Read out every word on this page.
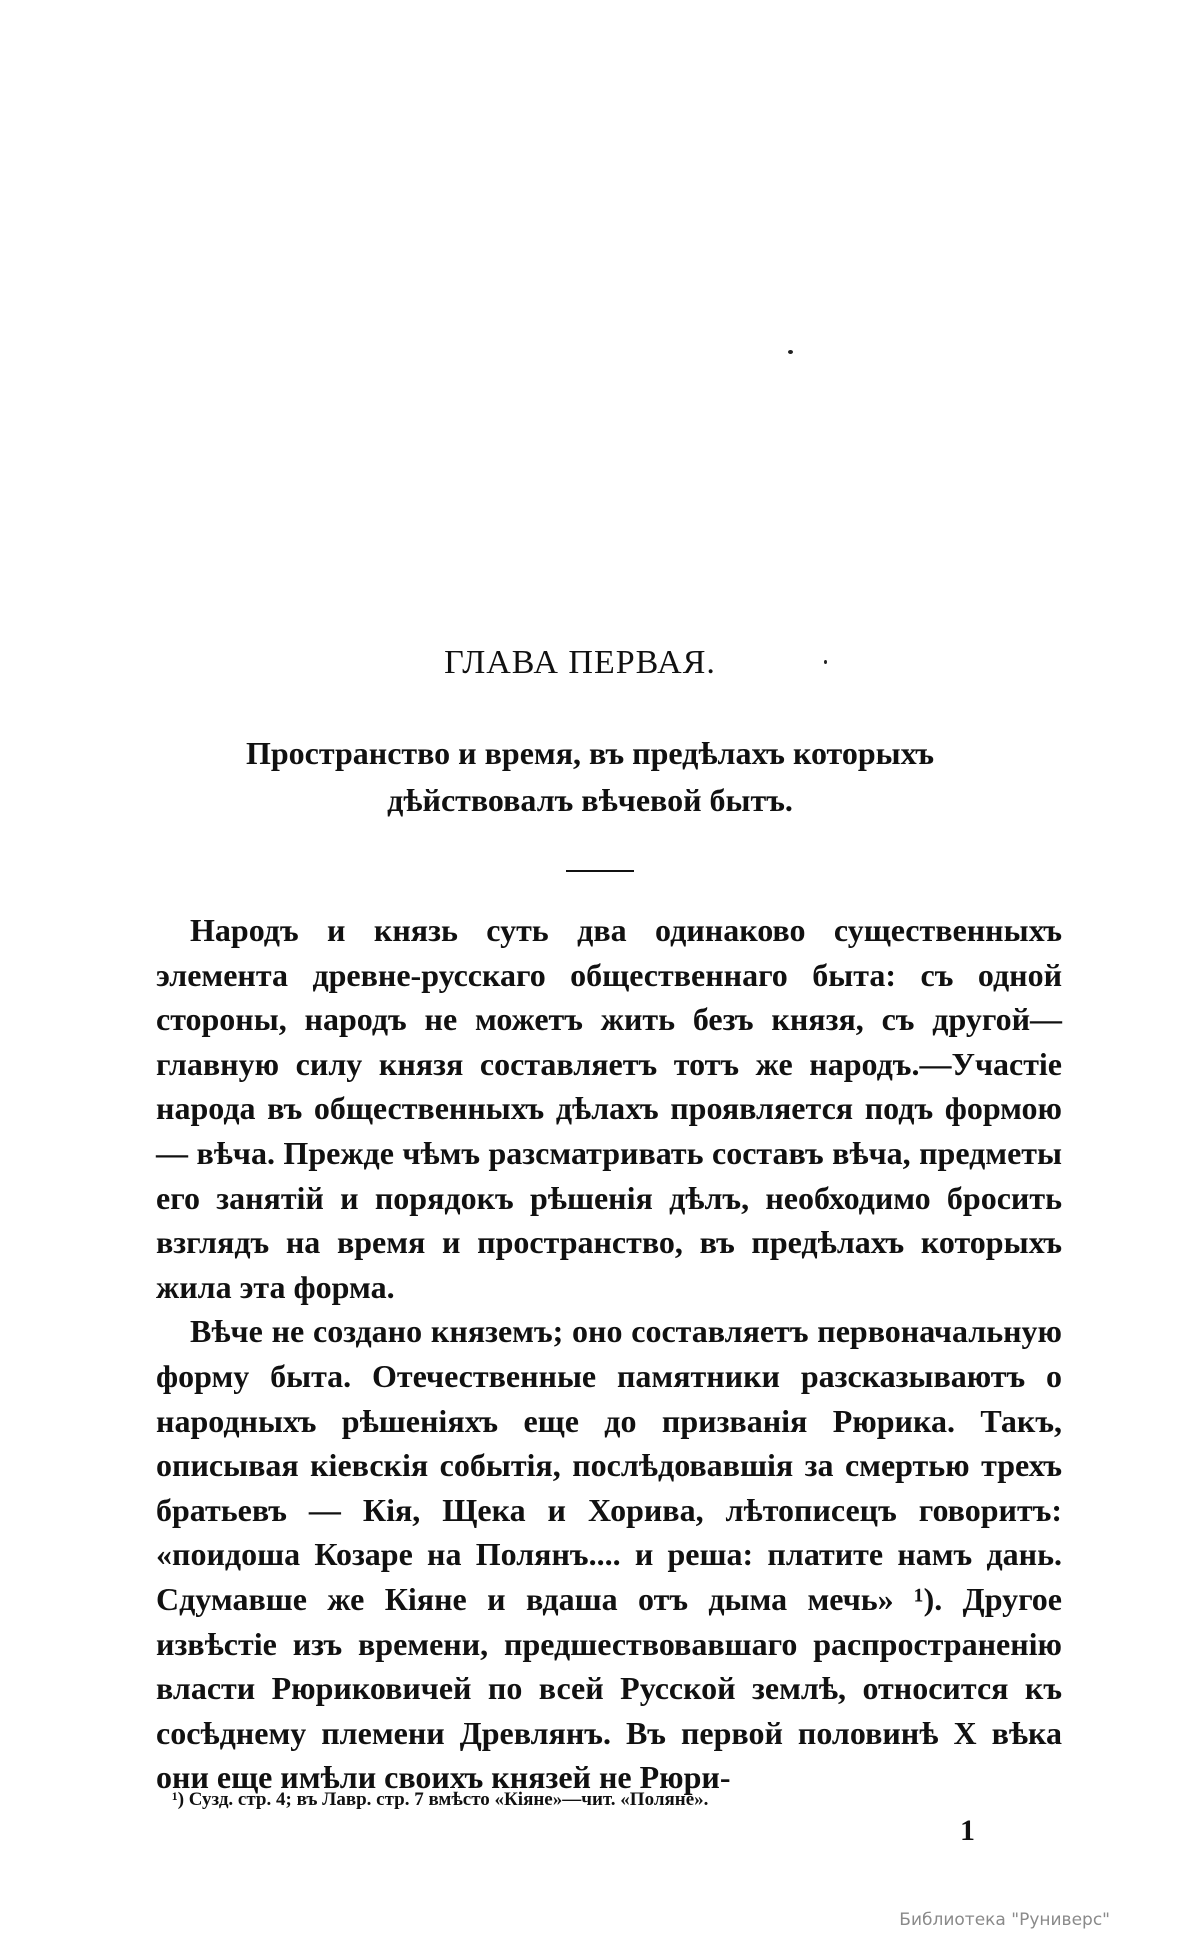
ГЛАВА ПЕРВАЯ.
Пространство и время, въ предѣлахъ которыхъ дѣйствовалъ вѣчевой бытъ.

Народъ и князь суть два одинаково существенныхъ элемента древне-русскаго общественнаго быта: съ одной стороны, народъ не можетъ жить безъ князя, съ другой—главную силу князя составляетъ тотъ же народъ.—Участіе народа въ общественныхъ дѣлахъ проявляется подъ формою — вѣча. Прежде чѣмъ разсматривать составъ вѣча, предметы его занятій и порядокъ рѣшенія дѣлъ, необходимо бросить взглядъ на время и пространство, въ предѣлахъ которыхъ жила эта форма.

Вѣче не создано княземъ; оно составляетъ первоначальную форму быта. Отечественные памятники разсказываютъ о народныхъ рѣшеніяхъ еще до призванія Рюрика. Такъ, описывая кіевскія событія, послѣдовавшія за смертью трехъ братьевъ — Кія, Щека и Хорива, лѣтописецъ говоритъ: «поидоша Козаре на Полянъ.... и реша: платите намъ дань. Сдумавше же Кіяне и вдаша отъ дыма мечь» ¹). Другое извѣстіе изъ времени, предшествовавшаго распространенію власти Рюриковичей по всей Русской землѣ, относится къ сосѣднему племени Древлянъ. Въ первой половинѣ X вѣка они еще имѣли своихъ князей не Рюри-

¹) Сузд. стр. 4; въ Лавр. стр. 7 вмѣсто «Кіяне»—чит. «Поляне».
1
Библиотека "Руниверс"
